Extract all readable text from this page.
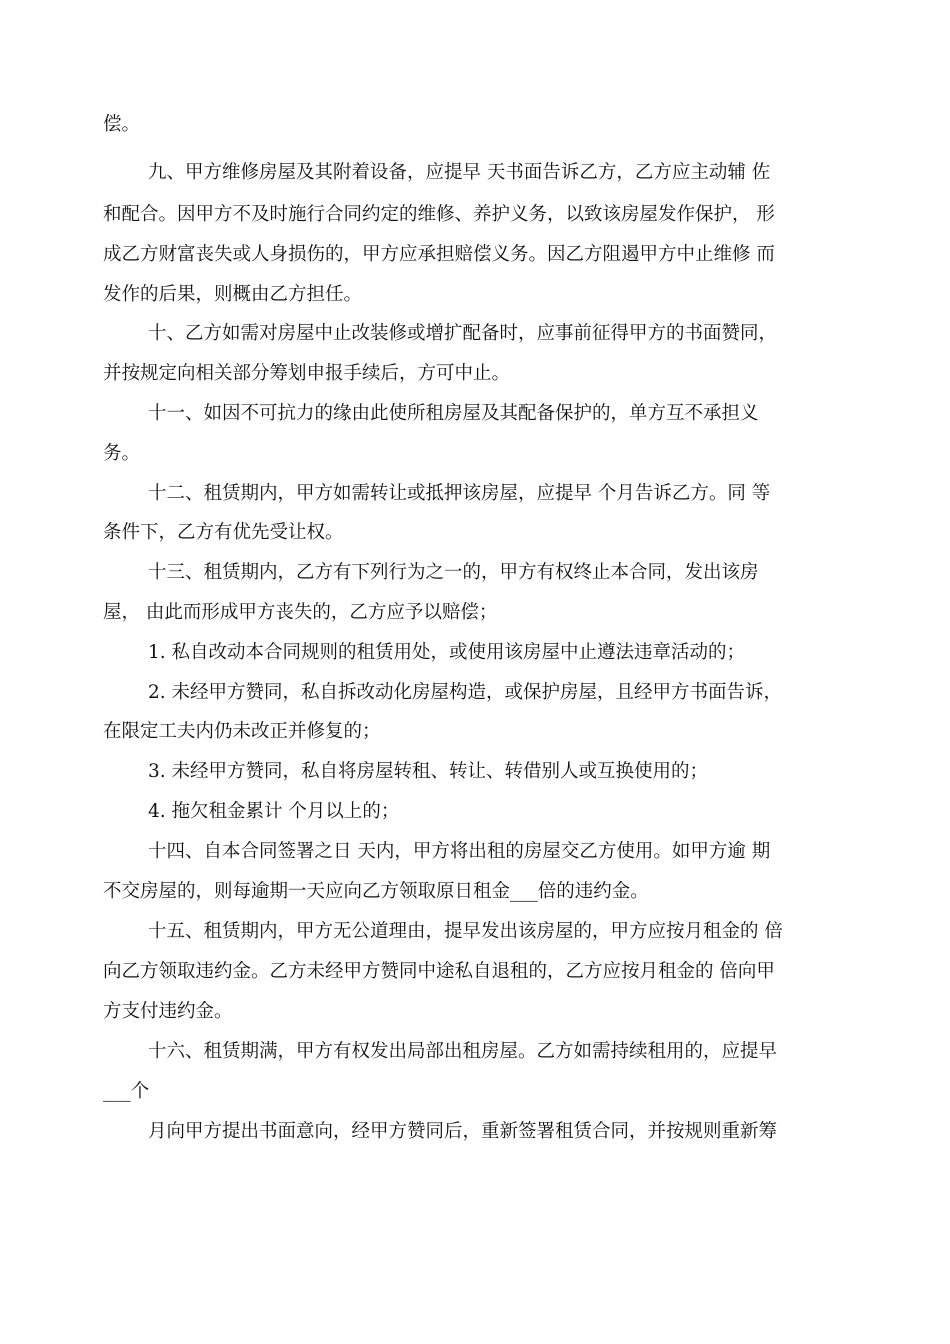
偿。
九、甲方维修房屋及其附着设备，应提早 天书面告诉乙方，乙方应主动辅 佐
和配合。因甲方不及时施行合同约定的维修、养护义务，以致该房屋发作保护， 形
成乙方财富丧失或人身损伤的，甲方应承担赔偿义务。因乙方阻遏甲方中止维修 而
发作的后果，则概由乙方担任。
十、乙方如需对房屋中止改装修或增扩配备时，应事前征得甲方的书面赞同，
并按规定向相关部分筹划申报手续后，方可中止。
十一、如因不可抗力的缘由此使所租房屋及其配备保护的，单方互不承担义
务。
十二、租赁期内，甲方如需转让或抵押该房屋，应提早 个月告诉乙方。同 等
条件下，乙方有优先受让权。
十三、租赁期内，乙方有下列行为之一的，甲方有权终止本合同，发出该房
屋， 由此而形成甲方丧失的，乙方应予以赔偿；
1. 私自改动本合同规则的租赁用处，或使用该房屋中止遵法违章活动的；
2. 未经甲方赞同，私自拆改动化房屋构造，或保护房屋，且经甲方书面告诉，
在限定工夫内仍未改正并修复的；
3. 未经甲方赞同，私自将房屋转租、转让、转借别人或互换使用的；
4. 拖欠租金累计 个月以上的；
十四、自本合同签署之日 天内，甲方将出租的房屋交乙方使用。如甲方逾 期
不交房屋的，则每逾期一天应向乙方领取原日租金___倍的违约金。
十五、租赁期内，甲方无公道理由，提早发出该房屋的，甲方应按月租金的 倍
向乙方领取违约金。乙方未经甲方赞同中途私自退租的，乙方应按月租金的 倍向甲
方支付违约金。
十六、租赁期满，甲方有权发出局部出租房屋。乙方如需持续租用的，应提早
___个
月向甲方提出书面意向，经甲方赞同后，重新签署租赁合同，并按规则重新筹
